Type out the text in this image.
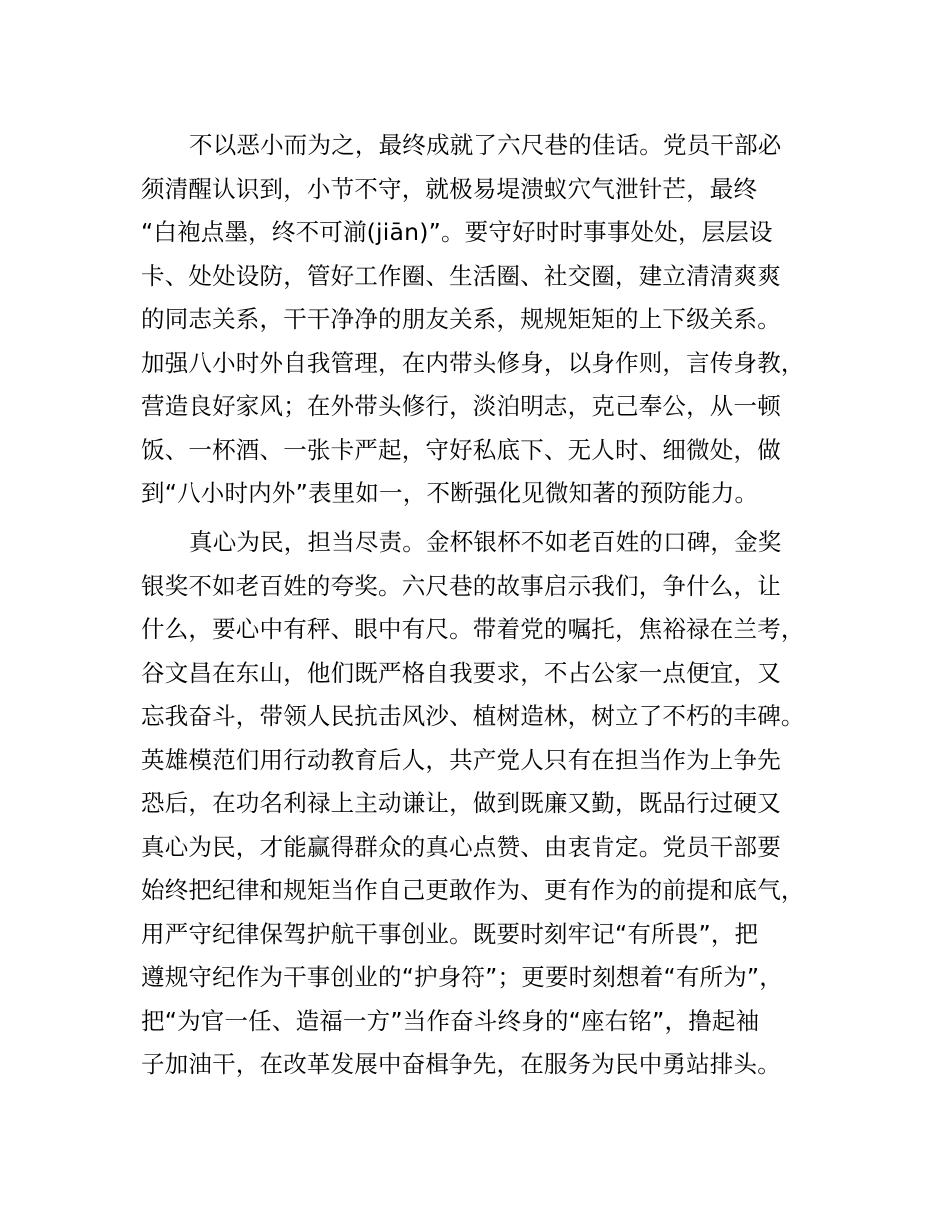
不以恶小而为之，最终成就了六尺巷的佳话。党员干部必
须清醒认识到，小节不守，就极易堤溃蚁穴气泄针芒，最终
“白袍点墨，终不可湔(jiān)”。要守好时时事事处处，层层设
卡、处处设防，管好工作圈、生活圈、社交圈，建立清清爽爽
的同志关系，干干净净的朋友关系，规规矩矩的上下级关系。
加强八小时外自我管理，在内带头修身，以身作则，言传身教，
营造良好家风；在外带头修行，淡泊明志，克己奉公，从一顿
饭、一杯酒、一张卡严起，守好私底下、无人时、细微处，做
到“八小时内外”表里如一，不断强化见微知著的预防能力。
真心为民，担当尽责。金杯银杯不如老百姓的口碑，金奖
银奖不如老百姓的夸奖。六尺巷的故事启示我们，争什么，让
什么，要心中有秤、眼中有尺。带着党的嘱托，焦裕禄在兰考，
谷文昌在东山，他们既严格自我要求，不占公家一点便宜，又
忘我奋斗，带领人民抗击风沙、植树造林，树立了不朽的丰碑。
英雄模范们用行动教育后人，共产党人只有在担当作为上争先
恐后，在功名利禄上主动谦让，做到既廉又勤，既品行过硬又
真心为民，才能赢得群众的真心点赞、由衷肯定。党员干部要
始终把纪律和规矩当作自己更敢作为、更有作为的前提和底气，
用严守纪律保驾护航干事创业。既要时刻牢记“有所畏”，把
遵规守纪作为干事创业的“护身符”；更要时刻想着“有所为”，
把“为官一任、造福一方”当作奋斗终身的“座右铭”，撸起袖
子加油干，在改革发展中奋楫争先，在服务为民中勇站排头。
